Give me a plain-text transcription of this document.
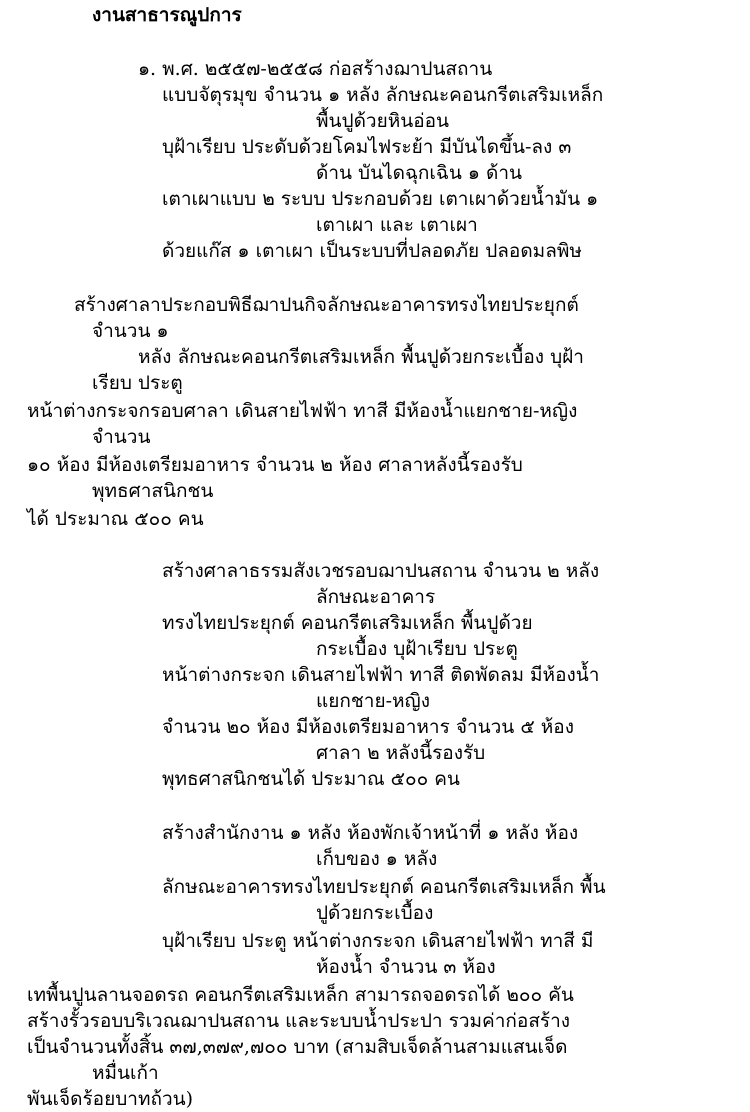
งานสาธารณูปการ
๑. พ.ศ. ๒๕๕๗-๒๕๕๘ ก่อสร้างฌาปนสถาน
แบบจัตุรมุข จำนวน ๑ หลัง ลักษณะคอนกรีตเสริมเหล็ก
พื้นปูด้วยหินอ่อน
บุฝ้าเรียบ ประดับด้วยโคมไฟระย้า มีบันไดขึ้น-ลง ๓
ด้าน บันไดฉุกเฉิน ๑ ด้าน
เตาเผาแบบ ๒ ระบบ ประกอบด้วย เตาเผาด้วยน้ำมัน ๑
เตาเผา และ เตาเผา
ด้วยแก๊ส ๑ เตาเผา เป็นระบบที่ปลอดภัย ปลอดมลพิษ
สร้างศาลาประกอบพิธีฌาปนกิจลักษณะอาคารทรงไทยประยุกต์
จำนวน ๑
หลัง ลักษณะคอนกรีตเสริมเหล็ก พื้นปูด้วยกระเบื้อง บุฝ้า
เรียบ ประตู
หน้าต่างกระจกรอบศาลา เดินสายไฟฟ้า ทาสี มีห้องน้ำแยกชาย-หญิง
จำนวน
๑๐ ห้อง มีห้องเตรียมอาหาร จำนวน ๒ ห้อง ศาลาหลังนี้รองรับ
พุทธศาสนิกชน
ได้ ประมาณ ๕๐๐ คน
สร้างศาลาธรรมสังเวชรอบฌาปนสถาน จำนวน ๒ หลัง
ลักษณะอาคาร
ทรงไทยประยุกต์ คอนกรีตเสริมเหล็ก พื้นปูด้วย
กระเบื้อง บุฝ้าเรียบ ประตู
หน้าต่างกระจก เดินสายไฟฟ้า ทาสี ติดพัดลม มีห้องน้ำ
แยกชาย-หญิง
จำนวน ๒๐ ห้อง มีห้องเตรียมอาหาร จำนวน ๕ ห้อง
ศาลา ๒ หลังนี้รองรับ
พุทธศาสนิกชนได้ ประมาณ ๕๐๐ คน
สร้างสำนักงาน ๑ หลัง ห้องพักเจ้าหน้าที่ ๑ หลัง ห้อง
เก็บของ ๑ หลัง
ลักษณะอาคารทรงไทยประยุกต์ คอนกรีตเสริมเหล็ก พื้น
ปูด้วยกระเบื้อง
บุฝ้าเรียบ ประตู หน้าต่างกระจก เดินสายไฟฟ้า ทาสี มี
ห้องน้ำ จำนวน ๓ ห้อง
เทพื้นปูนลานจอดรถ คอนกรีตเสริมเหล็ก สามารถจอดรถได้ ๒๐๐ คัน
สร้างรั้วรอบบริเวณฌาปนสถาน และระบบน้ำประปา รวมค่าก่อสร้าง
เป็นจำนวนทั้งสิ้น ๓๗,๓๗๙,๗๐๐ บาท (สามสิบเจ็ดล้านสามแสนเจ็ด
หมื่นเก้า
พันเจ็ดร้อยบาทถ้วน)
